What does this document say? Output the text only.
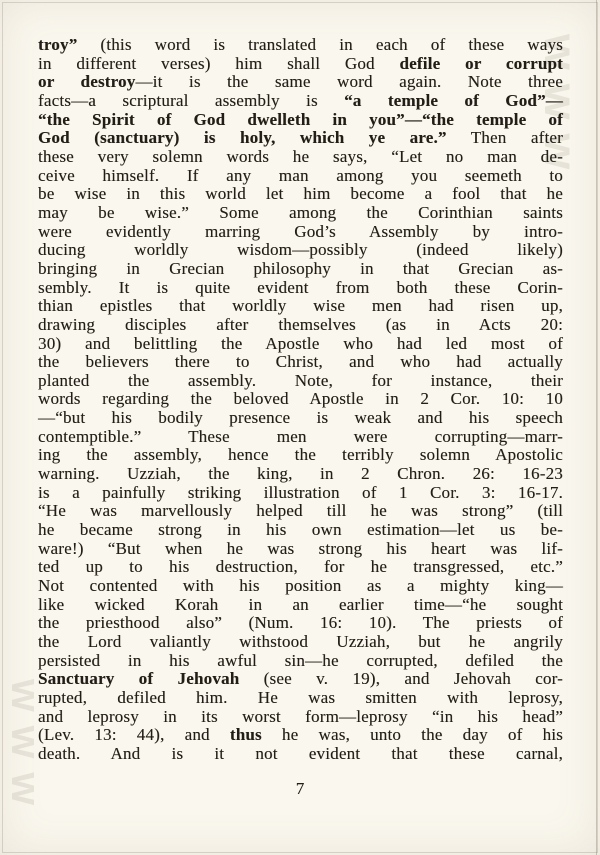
www
www
troy” (this word is translated in each of these ways
in different verses) him shall God defile or corrupt
or destroy—it is the same word again. Note three
facts—a scriptural assembly is “a temple of God”—
“the Spirit of God dwelleth in you”—“the temple of
God (sanctuary) is holy, which ye are.” Then after
these very solemn words he says, “Let no man de-
ceive himself. If any man among you seemeth to
be wise in this world let him become a fool that he
may be wise.” Some among the Corinthian saints
were evidently marring God’s Assembly by intro-
ducing worldly wisdom—possibly (indeed likely)
bringing in Grecian philosophy in that Grecian as-
sembly. It is quite evident from both these Corin-
thian epistles that worldly wise men had risen up,
drawing disciples after themselves (as in Acts 20:
30) and belittling the Apostle who had led most of
the believers there to Christ, and who had actually
planted the assembly. Note, for instance, their
words regarding the beloved Apostle in 2 Cor. 10: 10
—“but his bodily presence is weak and his speech
contemptible.” These men were corrupting—marr-
ing the assembly, hence the terribly solemn Apostolic
warning. Uzziah, the king, in 2 Chron. 26: 16-23
is a painfully striking illustration of 1 Cor. 3: 16-17.
“He was marvellously helped till he was strong” (till
he became strong in his own estimation—let us be-
ware!) “But when he was strong his heart was lif-
ted up to his destruction, for he transgressed, etc.”
Not contented with his position as a mighty king—
like wicked Korah in an earlier time—“he sought
the priesthood also” (Num. 16: 10). The priests of
the Lord valiantly withstood Uzziah, but he angrily
persisted in his awful sin—he corrupted, defiled the
Sanctuary of Jehovah (see v. 19), and Jehovah cor-
rupted, defiled him. He was smitten with leprosy,
and leprosy in its worst form—leprosy “in his head”
(Lev. 13: 44), and thus he was, unto the day of his
death. And is it not evident that these carnal,
7
